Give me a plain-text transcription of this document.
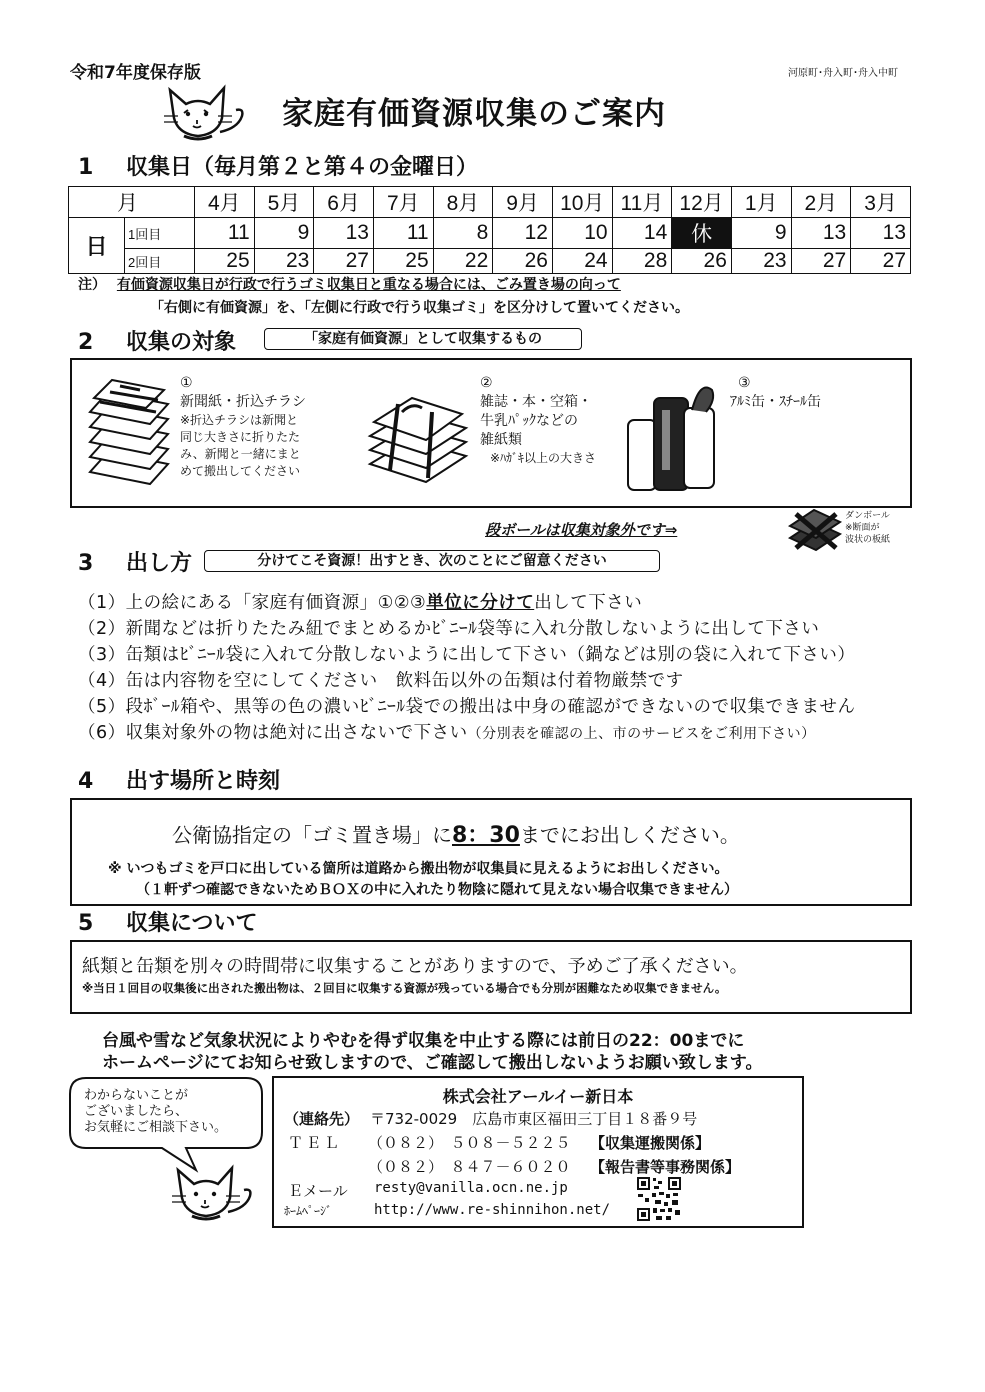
令和7年度保存版	河原町･舟入町･舟入中町
家庭有価資源収集のご案内
1 収集日（毎月第２と第４の金曜日）
月		4月	5月	6月	7月	8月	9月	10月	11月	12月	1月	2月	3月
日	1回目	11	9	13	11	8	12	10	14	休	9	13	13
	2回目	25	23	27	25	22	26	24	28	26	23	27	27
注） 有価資源収集日が行政で行うゴミ収集日と重なる場合には、ごみ置き場の向って
「右側に有価資源」を、「左側に行政で行う収集ゴミ」を区分けして置いてください。
2 収集の対象	「家庭有価資源」として収集するもの
①
新聞紙・折込チラシ
※折込チラシは新聞と
同じ大きさに折りたた
み、新聞と一緒にまと
めて搬出してください
②
雑誌・本・空箱・
牛乳ﾊﾟｯｸなどの
雑紙類
※ﾊｶﾞｷ以上の大きさ
③
ｱﾙﾐ缶・ｽﾁｰﾙ缶
段ボールは収集対象外です⇒
ダンボール
※断面が
波状の板紙
3 出し方	分けてこそ資源！出すとき、次のことにご留意ください
（1）上の絵にある「家庭有価資源」①②③単位に分けて出して下さい
（2）新聞などは折りたたみ紐でまとめるかﾋﾞﾆｰﾙ袋等に入れ分散しないように出して下さい
（3）缶類はﾋﾞﾆｰﾙ袋に入れて分散しないように出して下さい（鍋などは別の袋に入れて下さい）
（4）缶は内容物を空にしてください　飲料缶以外の缶類は付着物厳禁です
（5）段ﾎﾞｰﾙ箱や、黒等の色の濃いﾋﾞﾆｰﾙ袋での搬出は中身の確認ができないので収集できません
（6）収集対象外の物は絶対に出さないで下さい（分別表を確認の上、市のサービスをご利用下さい）
4 出す場所と時刻
公衛協指定の「ゴミ置き場」に8：30までにお出しください。
※ いつもゴミを戸口に出している箇所は道路から搬出物が収集員に見えるようにお出しください。
（１軒ずつ確認できないためＢＯＸの中に入れたり物陰に隠れて見えない場合収集できません）
5 収集について
紙類と缶類を別々の時間帯に収集することがありますので、予めご了承ください。
※当日１回目の収集後に出された搬出物は、２回目に収集する資源が残っている場合でも分別が困難なため収集できません。
台風や雪など気象状況によりやむを得ず収集を中止する際には前日の22：00までに
ホームページにてお知らせ致しますので、ご確認して搬出しないようお願い致します。
わからないことが
ございましたら、
お気軽にご相談下さい。
株式会社アールイー新日本
（連絡先） 〒732-0029　広島市東区福田三丁目１８番９号
ＴＥＬ （０８２）　５０８－５２２５ 【収集運搬関係】
（０８２）　８４７－６０２０ 【報告書等事務関係】
Ｅメール resty@vanilla.ocn.ne.jp
ﾎｰﾑﾍﾟｰｼﾞ	http://www.re-shinnihon.net/
